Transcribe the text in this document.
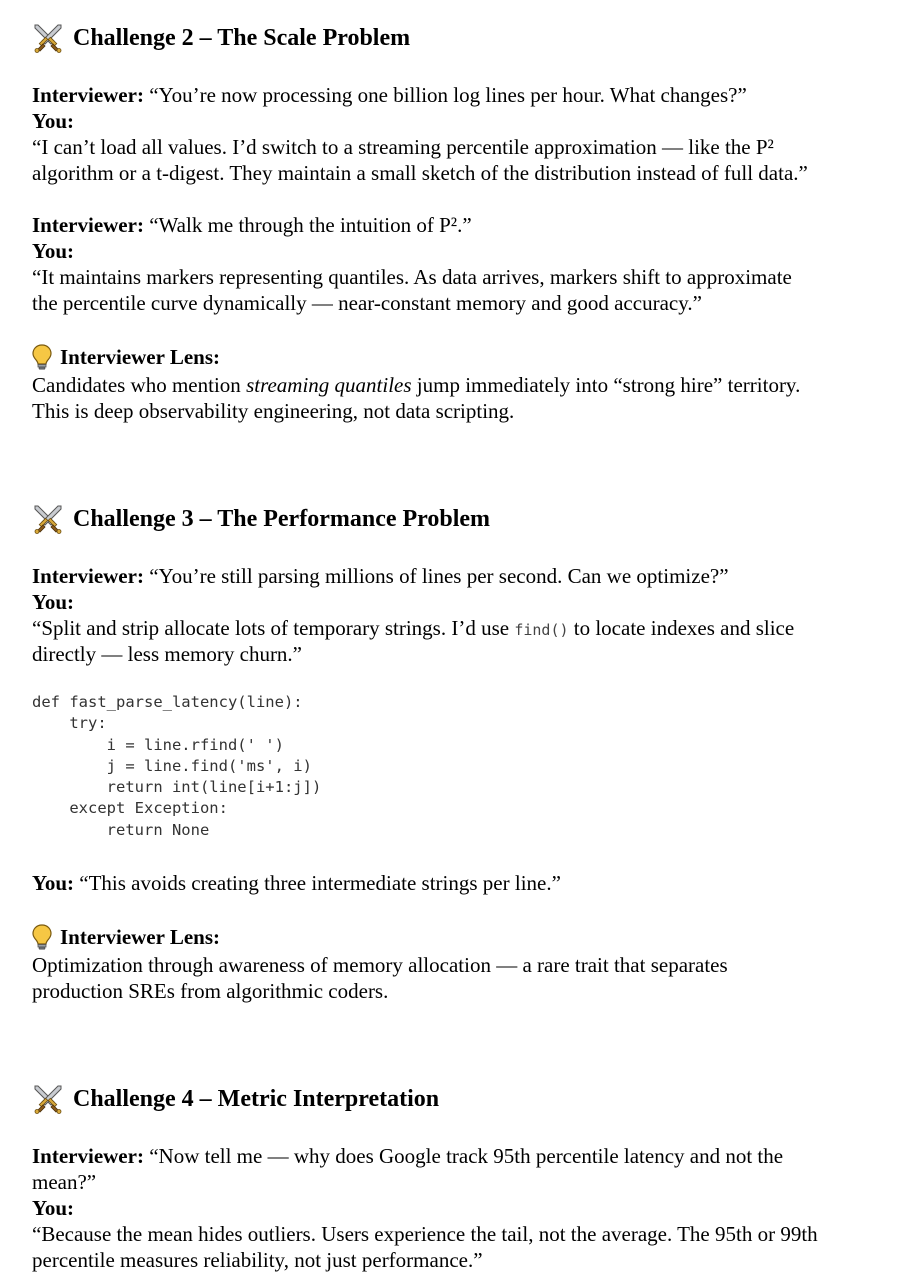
Challenge 2 – The Scale Problem
Interviewer: “You’re now processing one billion log lines per hour. What changes?”
You:
“I can’t load all values. I’d switch to a streaming percentile approximation — like the P²
algorithm or a t-digest. They maintain a small sketch of the distribution instead of full data.”
Interviewer: “Walk me through the intuition of P².”
You:
“It maintains markers representing quantiles. As data arrives, markers shift to approximate
the percentile curve dynamically — near-constant memory and good accuracy.”
Interviewer Lens:
Candidates who mention streaming quantiles jump immediately into “strong hire” territory.
This is deep observability engineering, not data scripting.
Challenge 3 – The Performance Problem
Interviewer: “You’re still parsing millions of lines per second. Can we optimize?”
You:
“Split and strip allocate lots of temporary strings. I’d use find() to locate indexes and slice
directly — less memory churn.”
def fast_parse_latency(line):
try:
i = line.rfind(' ')
j = line.find('ms', i)
return int(line[i+1:j])
except Exception:
return None
You: “This avoids creating three intermediate strings per line.”
Interviewer Lens:
Optimization through awareness of memory allocation — a rare trait that separates
production SREs from algorithmic coders.
Challenge 4 – Metric Interpretation
Interviewer: “Now tell me — why does Google track 95th percentile latency and not the
mean?”
You:
“Because the mean hides outliers. Users experience the tail, not the average. The 95th or 99th
percentile measures reliability, not just performance.”
